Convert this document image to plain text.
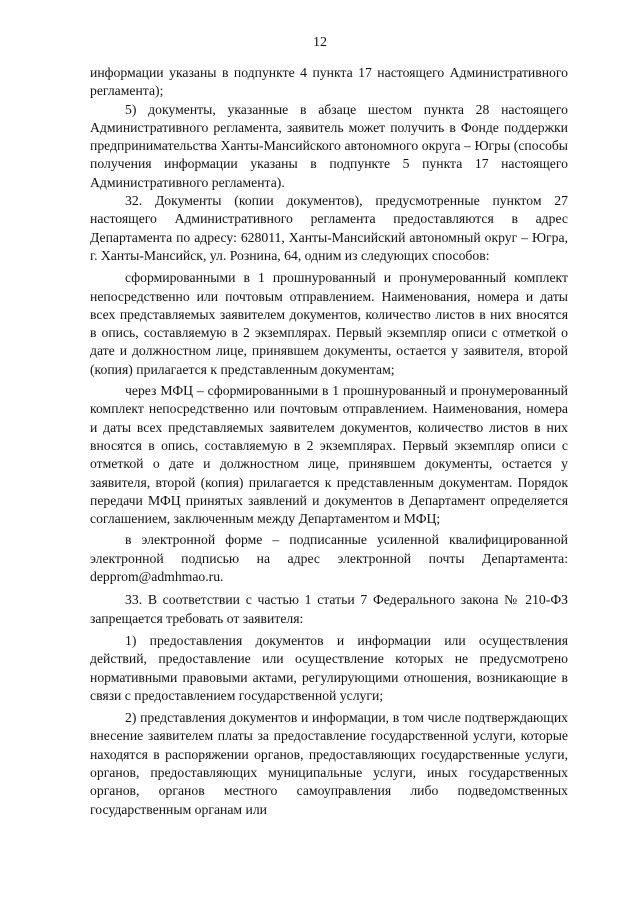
12

информации указаны в подпункте 4 пункта 17 настоящего Административного регламента);

5) документы, указанные в абзаце шестом пункта 28 настоящего Административного регламента, заявитель может получить в Фонде поддержки предпринимательства Ханты-Мансийского автономного округа – Югры (способы получения информации указаны в подпункте 5 пункта 17 настоящего Административного регламента).

32. Документы (копии документов), предусмотренные пунктом 27 настоящего Административного регламента предоставляются в адрес Департамента по адресу: 628011, Ханты-Мансийский автономный округ – Югра, г. Ханты-Мансийск, ул. Рознина, 64, одним из следующих способов:

сформированными в 1 прошнурованный и пронумерованный комплект непосредственно или почтовым отправлением. Наименования, номера и даты всех представляемых заявителем документов, количество листов в них вносятся в опись, составляемую в 2 экземплярах. Первый экземпляр описи с отметкой о дате и должностном лице, принявшем документы, остается у заявителя, второй (копия) прилагается к представленным документам;

через МФЦ – сформированными в 1 прошнурованный и пронумерованный комплект непосредственно или почтовым отправлением. Наименования, номера и даты всех представляемых заявителем документов, количество листов в них вносятся в опись, составляемую в 2 экземплярах. Первый экземпляр описи с отметкой о дате и должностном лице, принявшем документы, остается у заявителя, второй (копия) прилагается к представленным документам. Порядок передачи МФЦ принятых заявлений и документов в Департамент определяется соглашением, заключенным между Департаментом и МФЦ;

в электронной форме – подписанные усиленной квалифицированной электронной подписью на адрес электронной почты Департамента: depprom@admhmao.ru.

33. В соответствии с частью 1 статьи 7 Федерального закона № 210-ФЗ запрещается требовать от заявителя:

1) предоставления документов и информации или осуществления действий, предоставление или осуществление которых не предусмотрено нормативными правовыми актами, регулирующими отношения, возникающие в связи с предоставлением государственной услуги;

2) представления документов и информации, в том числе подтверждающих внесение заявителем платы за предоставление государственной услуги, которые находятся в распоряжении органов, предоставляющих государственные услуги, органов, предоставляющих муниципальные услуги, иных государственных органов, органов местного самоуправления либо подведомственных государственным органам или
